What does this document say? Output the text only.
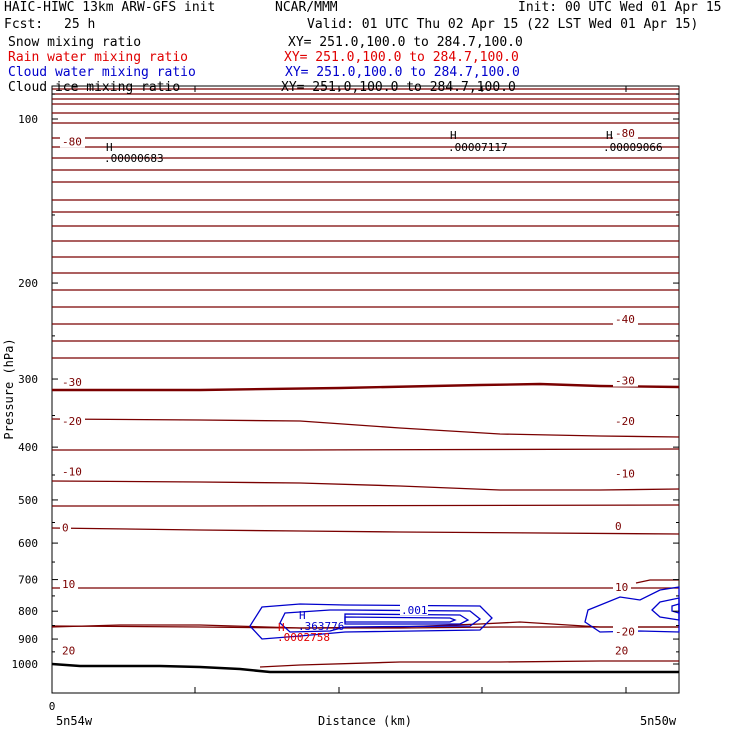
100
200
300
400
500
600
700
800
900
1000
-80
-80
-40
-30	-30
-20	-20
-10	-10
0	0
10	10
20	20
-20
H
.00000683
H
.00007117
H
.00009066
H
.363776
H
.0002758
.001
Pressure (hPa)
Distance (km)
5n54w	5n50w
0
HAIC-HIWC 13km ARW-GFS init	NCAR/MMM	Init: 00 UTC Wed 01 Apr 15
Fcst: 25 h	Valid: 01 UTC Thu 02 Apr 15 (22 LST Wed 01 Apr 15)
Snow mixing ratio	XY= 251.0,100.0 to 284.7,100.0
Rain water mixing ratio	XY= 251.0,100.0 to 284.7,100.0
Cloud water mixing ratio	XY= 251.0,100.0 to 284.7,100.0
Cloud ice mixing ratio	XY= 251.0,100.0 to 284.7,100.0
